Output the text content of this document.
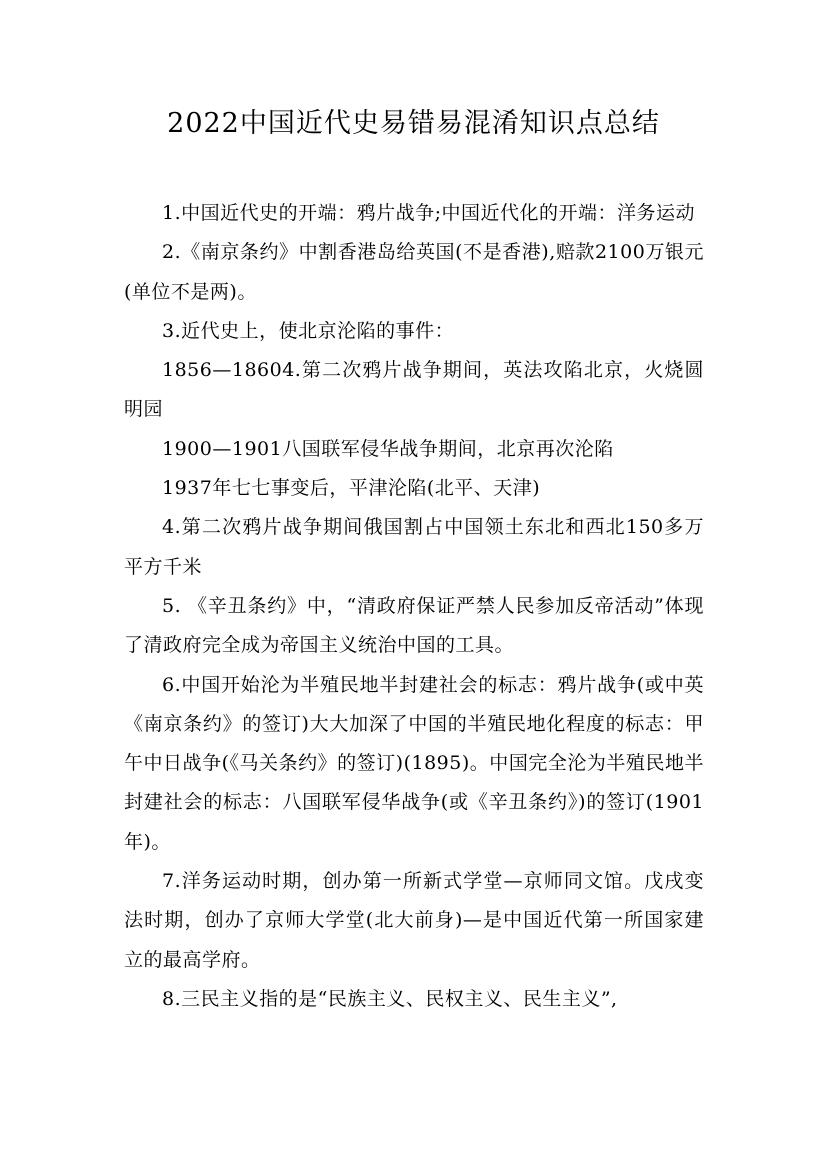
2022中国近代史易错易混淆知识点总结

1.中国近代史的开端：鸦片战争;中国近代化的开端：洋务运动

2.《南京条约》中割香港岛给英国(不是香港),赔款2100万银元(单位不是两)。

3.近代史上，使北京沦陷的事件：

1856—18604.第二次鸦片战争期间，英法攻陷北京，火烧圆明园

1900—1901八国联军侵华战争期间，北京再次沦陷

1937年七七事变后，平津沦陷(北平、天津)

4.第二次鸦片战争期间俄国割占中国领土东北和西北150多万平方千米

5. 《辛丑条约》中，“清政府保证严禁人民参加反帝活动”体现了清政府完全成为帝国主义统治中国的工具。

6.中国开始沦为半殖民地半封建社会的标志：鸦片战争(或中英《南京条约》的签订)大大加深了中国的半殖民地化程度的标志：甲午中日战争(《马关条约》的签订)(1895)。中国完全沦为半殖民地半封建社会的标志：八国联军侵华战争(或《辛丑条约》)的签订(1901年)。

7.洋务运动时期，创办第一所新式学堂—京师同文馆。戊戌变法时期，创办了京师大学堂(北大前身)—是中国近代第一所国家建立的最高学府。

8.三民主义指的是“民族主义、民权主义、民生主义”,
